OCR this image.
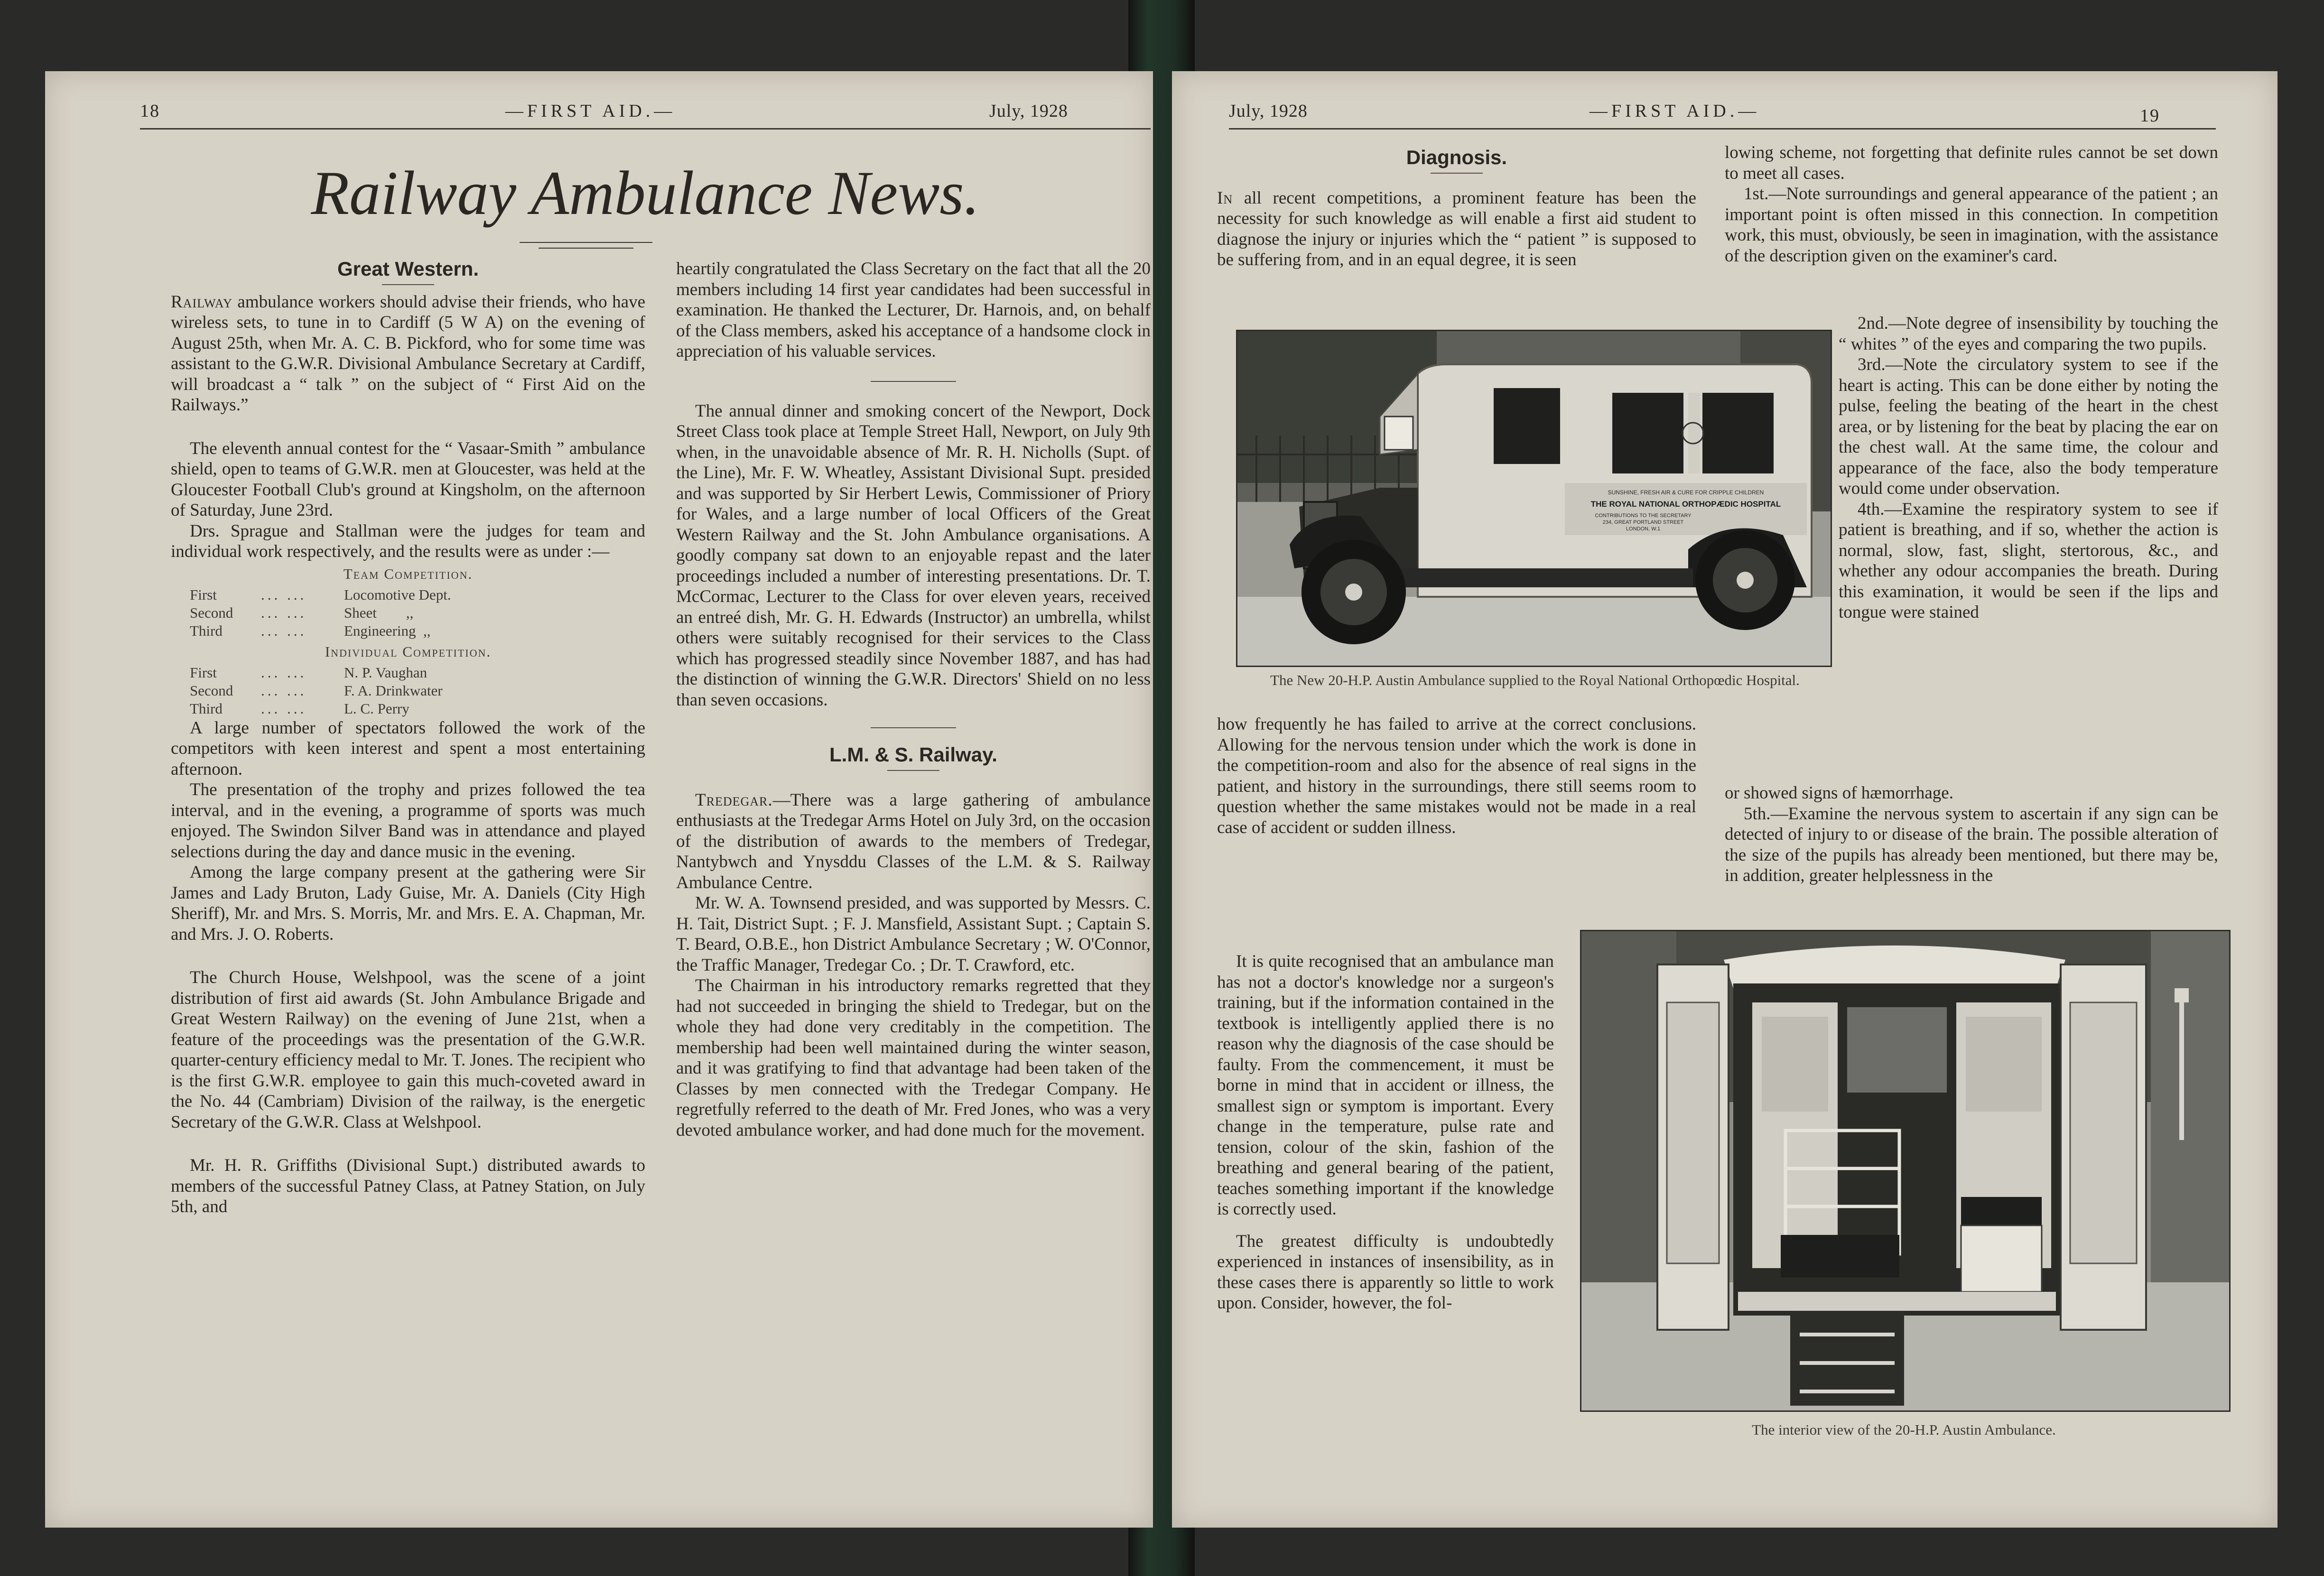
18	—FIRST AID.—	July, 1928
Railway Ambulance News.
Great Western.

Railway ambulance workers should advise their friends, who have wireless sets, to tune in to Cardiff (5 W A) on the evening of August 25th, when Mr. A. C. B. Pickford, who for some time was assistant to the G.W.R. Divisional Ambulance Secretary at Cardiff, will broadcast a “ talk ” on the subject of “ First Aid on the Railways.”

The eleventh annual contest for the “ Vasaar-Smith ” ambulance shield, open to teams of G.W.R. men at Gloucester, was held at the Gloucester Football Club's ground at Kingsholm, on the afternoon of Saturday, June 23rd.

Drs. Sprague and Stallman were the judges for team and individual work respectively, and the results were as under :—

Team Competition.
First	... ...	Locomotive Dept.
Second	... ...	Sheet        ,,
Third	... ...	Engineering  ,,
Individual Competition.
First	... ...	N. P. Vaughan
Second	... ...	F. A. Drinkwater
Third	... ...	L. C. Perry

A large number of spectators followed the work of the competitors with keen interest and spent a most entertaining afternoon.

The presentation of the trophy and prizes followed the tea interval, and in the evening, a programme of sports was much enjoyed. The Swindon Silver Band was in attendance and played selections during the day and dance music in the evening.

Among the large company present at the gathering were Sir James and Lady Bruton, Lady Guise, Mr. A. Daniels (City High Sheriff), Mr. and Mrs. S. Morris, Mr. and Mrs. E. A. Chapman, Mr. and Mrs. J. O. Roberts.

The Church House, Welshpool, was the scene of a joint distribution of first aid awards (St. John Ambulance Brigade and Great Western Railway) on the evening of June 21st, when a feature of the proceedings was the presentation of the G.W.R. quarter-century efficiency medal to Mr. T. Jones. The recipient who is the first G.W.R. employee to gain this much-coveted award in the No. 44 (Cambriam) Division of the railway, is the energetic Secretary of the G.W.R. Class at Welshpool.

Mr. H. R. Griffiths (Divisional Supt.) distributed awards to members of the successful Patney Class, at Patney Station, on July 5th, and

heartily congratulated the Class Secretary on the fact that all the 20 members including 14 first year candidates had been successful in examination. He thanked the Lecturer, Dr. Harnois, and, on behalf of the Class members, asked his acceptance of a handsome clock in appreciation of his valuable services.

The annual dinner and smoking concert of the Newport, Dock Street Class took place at Temple Street Hall, Newport, on July 9th when, in the unavoidable absence of Mr. R. H. Nicholls (Supt. of the Line), Mr. F. W. Wheatley, Assistant Divisional Supt. presided and was supported by Sir Herbert Lewis, Commissioner of Priory for Wales, and a large number of local Officers of the Great Western Railway and the St. John Ambulance organisations. A goodly company sat down to an enjoyable repast and the later proceedings included a number of interesting presentations. Dr. T. McCormac, Lecturer to the Class for over eleven years, received an entreé dish, Mr. G. H. Edwards (Instructor) an umbrella, whilst others were suitably recognised for their services to the Class which has progressed steadily since November 1887, and has had the distinction of winning the G.W.R. Directors' Shield on no less than seven occasions.

L.M. & S. Railway.

Tredegar.—There was a large gathering of ambulance enthusiasts at the Tredegar Arms Hotel on July 3rd, on the occasion of the distribution of awards to the members of Tredegar, Nantybwch and Ynysddu Classes of the L.M. & S. Railway Ambulance Centre.

Mr. W. A. Townsend presided, and was supported by Messrs. C. H. Tait, District Supt. ; F. J. Mansfield, Assistant Supt. ; Captain S. T. Beard, O.B.E., hon District Ambulance Secretary ; W. O'Connor, the Traffic Manager, Tredegar Co. ; Dr. T. Crawford, etc.

The Chairman in his introductory remarks regretted that they had not succeeded in bringing the shield to Tredegar, but on the whole they had done very creditably in the competition. The membership had been well maintained during the winter season, and it was gratifying to find that advantage had been taken of the Classes by men connected with the Tredegar Company. He regretfully referred to the death of Mr. Fred Jones, who was a very devoted ambulance worker, and had done much for the movement.

July, 1928	—FIRST AID.—	19
Diagnosis.

In all recent competitions, a prominent feature has been the necessity for such knowledge as will enable a first aid student to diagnose the injury or injuries which the “ patient ” is supposed to be suffering from, and in an equal degree, it is seen

SUNSHINE, FRESH AIR & CURE FOR CRIPPLE CHILDREN
THE ROYAL NATIONAL ORTHOPÆDIC HOSPITAL
CONTRIBUTIONS TO THE SECRETARY
234, GREAT PORTLAND STREET
LONDON, W.1
The New 20-H.P. Austin Ambulance supplied to the Royal National Orthopœdic Hospital.

how frequently he has failed to arrive at the correct conclusions. Allowing for the nervous tension under which the work is done in the competition-room and also for the absence of real signs in the patient, and history in the surroundings, there still seems room to question whether the same mistakes would not be made in a real case of accident or sudden illness.

It is quite recognised that an ambulance man has not a doctor's knowledge nor a surgeon's training, but if the information contained in the textbook is intelligently applied there is no reason why the diagnosis of the case should be faulty. From the commencement, it must be borne in mind that in accident or illness, the smallest sign or symptom is important. Every change in the temperature, pulse rate and tension, colour of the skin, fashion of the breathing and general bearing of the patient, teaches something important if the knowledge is correctly used.

The greatest difficulty is undoubtedly experienced in instances of insensibility, as in these cases there is apparently so little to work upon. Consider, however, the fol-

lowing scheme, not forgetting that definite rules cannot be set down to meet all cases.

1st.—Note surroundings and general appearance of the patient ; an important point is often missed in this connection. In competition work, this must, obviously, be seen in imagination, with the assistance of the description given on the examiner's card.

2nd.—Note degree of insensibility by touching the “ whites ” of the eyes and comparing the two pupils.

3rd.—Note the circulatory system to see if the heart is acting. This can be done either by noting the pulse, feeling the beating of the heart in the chest area, or by listening for the beat by placing the ear on the chest wall. At the same time, the colour and appearance of the face, also the body temperature would come under observation.

4th.—Examine the respiratory system to see if patient is breathing, and if so, whether the action is normal, slow, fast, slight, stertorous, &c., and whether any odour accompanies the breath. During this examination, it would be seen if the lips and tongue were stained

or showed signs of hæmorrhage.

5th.—Examine the nervous system to ascertain if any sign can be detected of injury to or disease of the brain. The possible alteration of the size of the pupils has already been mentioned, but there may be, in addition, greater helplessness in the

The interior view of the 20-H.P. Austin Ambulance.
